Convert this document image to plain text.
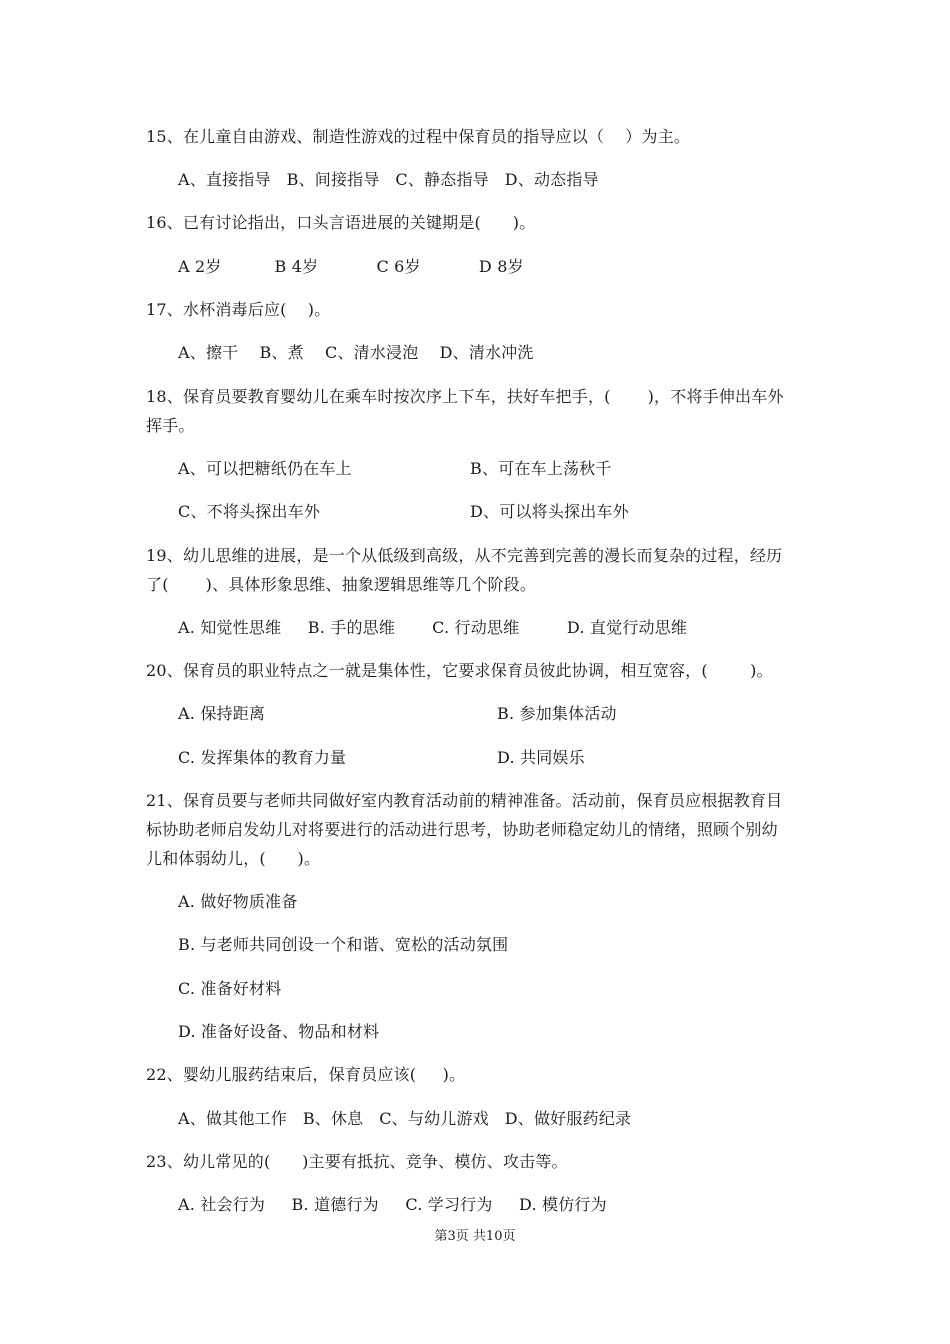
15、在儿童自由游戏、制造性游戏的过程中保育员的指导应以（    ）为主。
A、直接指导   B、间接指导   C、静态指导   D、动态指导
16、已有讨论指出，口头言语进展的关键期是(      )。
A 2岁          B 4岁           C 6岁           D 8岁
17、水杯消毒后应(    )。
A、擦干    B、煮    C、清水浸泡    D、清水冲洗
18、保育员要教育婴幼儿在乘车时按次序上下车，扶好车把手，(       )，不将手伸出车外
挥手。
A、可以把糖纸仍在车上	B、可在车上荡秋千
C、不将头探出车外	D、可以将头探出车外
19、幼儿思维的进展，是一个从低级到高级，从不完善到完善的漫长而复杂的过程，经历
了(       )、具体形象思维、抽象逻辑思维等几个阶段。
A. 知觉性思维     B. 手的思维       C. 行动思维         D. 直觉行动思维
20、保育员的职业特点之一就是集体性，它要求保育员彼此协调，相互宽容，(        )。
A. 保持距离	B. 参加集体活动
C. 发挥集体的教育力量	D. 共同娱乐
21、保育员要与老师共同做好室内教育活动前的精神准备。活动前，保育员应根据教育目
标协助老师启发幼儿对将要进行的活动进行思考，协助老师稳定幼儿的情绪，照顾个别幼
儿和体弱幼儿，(      )。
A. 做好物质准备
B. 与老师共同创设一个和谐、宽松的活动氛围
C. 准备好材料
D. 准备好设备、物品和材料
22、婴幼儿服药结束后，保育员应该(     )。
A、做其他工作   B、休息   C、与幼儿游戏   D、做好服药纪录
23、幼儿常见的(      )主要有抵抗、竞争、模仿、攻击等。
A. 社会行为     B. 道德行为     C. 学习行为     D. 模仿行为
第3页 共10页
